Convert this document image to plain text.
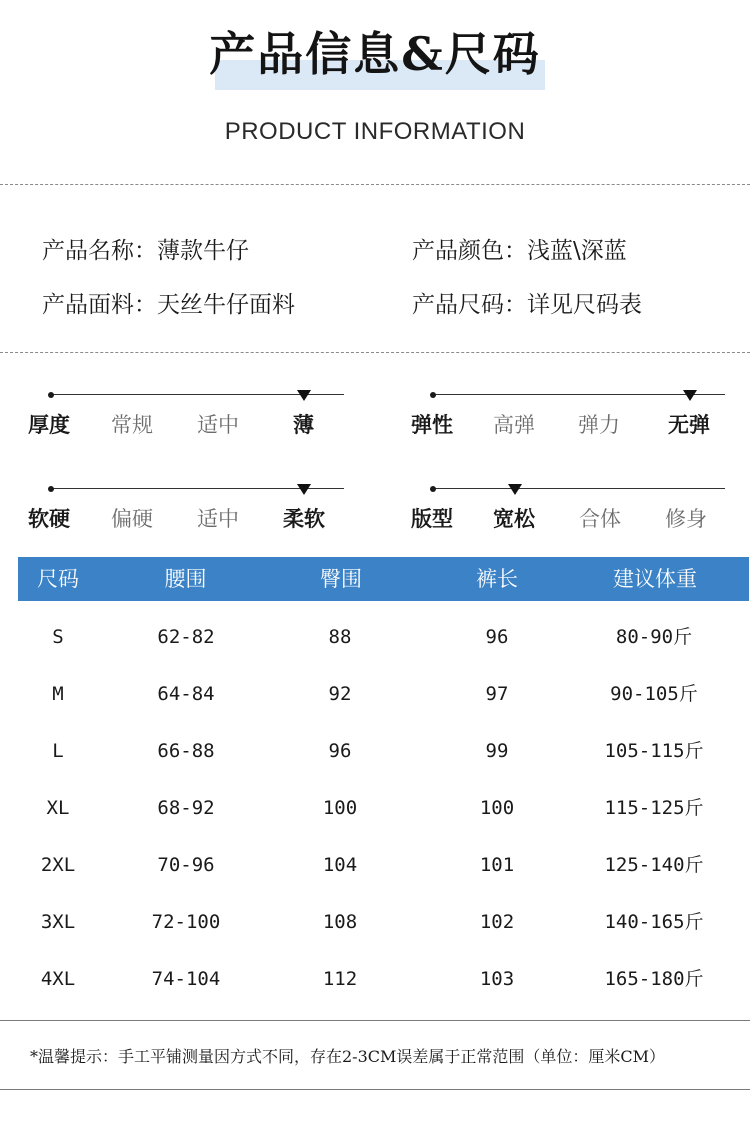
产品信息&尺码
PRODUCT INFORMATION
产品名称：薄款牛仔	产品颜色：浅蓝\深蓝
产品面料：天丝牛仔面料	产品尺码：详见尺码表
厚度 常规 适中	薄	弹性 高弹 弹力 无弹
软硬 偏硬 适中 柔软	版型 宽松 合体 修身
尺码	腰围	臀围	裤长	建议体重
S	62-82	88	96	80-90斤
M	64-84	92	97	90-105斤
L	66-88	96	99	105-115斤
XL	68-92	100	100	115-125斤
2XL	70-96	104	101	125-140斤
3XL	72-100	108	102	140-165斤
4XL	74-104	112	103	165-180斤
*温馨提示：手工平铺测量因方式不同，存在2-3CM误差属于正常范围（单位：厘米CM）
